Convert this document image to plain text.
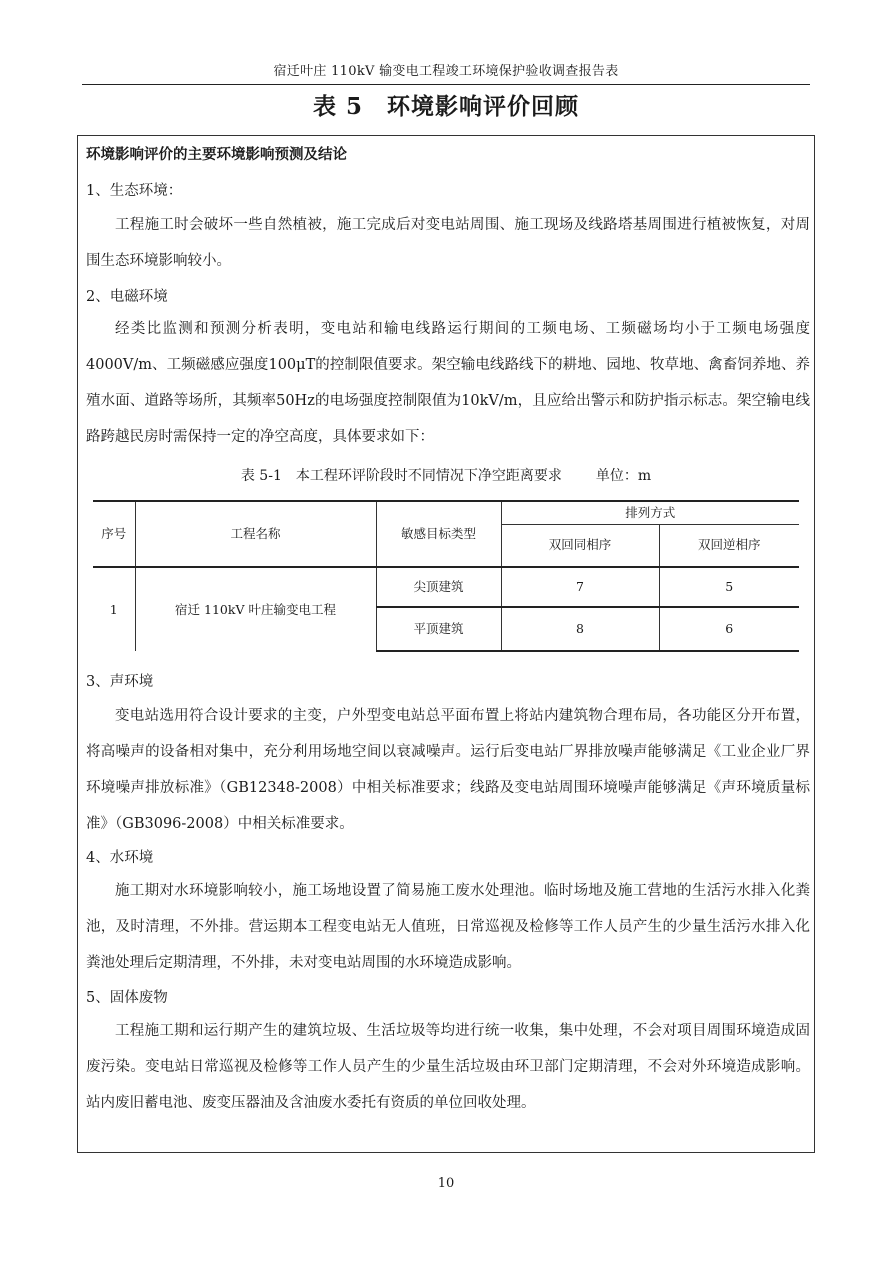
宿迁叶庄 110kV 输变电工程竣工环境保护验收调查报告表
表 5　环境影响评价回顾
环境影响评价的主要环境影响预测及结论
1、生态环境：

工程施工时会破坏一些自然植被，施工完成后对变电站周围、施工现场及线路塔基周围进行植被恢复，对周围生态环境影响较小。

2、电磁环境

经类比监测和预测分析表明，变电站和输电线路运行期间的工频电场、工频磁场均小于工频电场强度4000V/m、工频磁感应强度100μT的控制限值要求。架空输电线路线下的耕地、园地、牧草地、禽畜饲养地、养殖水面、道路等场所，其频率50Hz的电场强度控制限值为10kV/m，且应给出警示和防护指示标志。架空输电线路跨越民房时需保持一定的净空高度，具体要求如下：

表 5-1　本工程环评阶段时不同情况下净空距离要求 单位：m
序号	工程名称	敏感目标类型	排列方式	
			双回同相序	双回逆相序
1	宿迁 110kV 叶庄输变电工程	尖顶建筑	7	5
		平顶建筑	8	6
3、声环境

变电站选用符合设计要求的主变，户外型变电站总平面布置上将站内建筑物合理布局，各功能区分开布置，将高噪声的设备相对集中，充分利用场地空间以衰减噪声。运行后变电站厂界排放噪声能够满足《工业企业厂界环境噪声排放标准》（GB12348-2008）中相关标准要求；线路及变电站周围环境噪声能够满足《声环境质量标准》（GB3096-2008）中相关标准要求。

4、水环境

施工期对水环境影响较小，施工场地设置了简易施工废水处理池。临时场地及施工营地的生活污水排入化粪池，及时清理，不外排。营运期本工程变电站无人值班，日常巡视及检修等工作人员产生的少量生活污水排入化粪池处理后定期清理，不外排，未对变电站周围的水环境造成影响。

5、固体废物

工程施工期和运行期产生的建筑垃圾、生活垃圾等均进行统一收集，集中处理，不会对项目周围环境造成固废污染。变电站日常巡视及检修等工作人员产生的少量生活垃圾由环卫部门定期清理，不会对外环境造成影响。站内废旧蓄电池、废变压器油及含油废水委托有资质的单位回收处理。

10
